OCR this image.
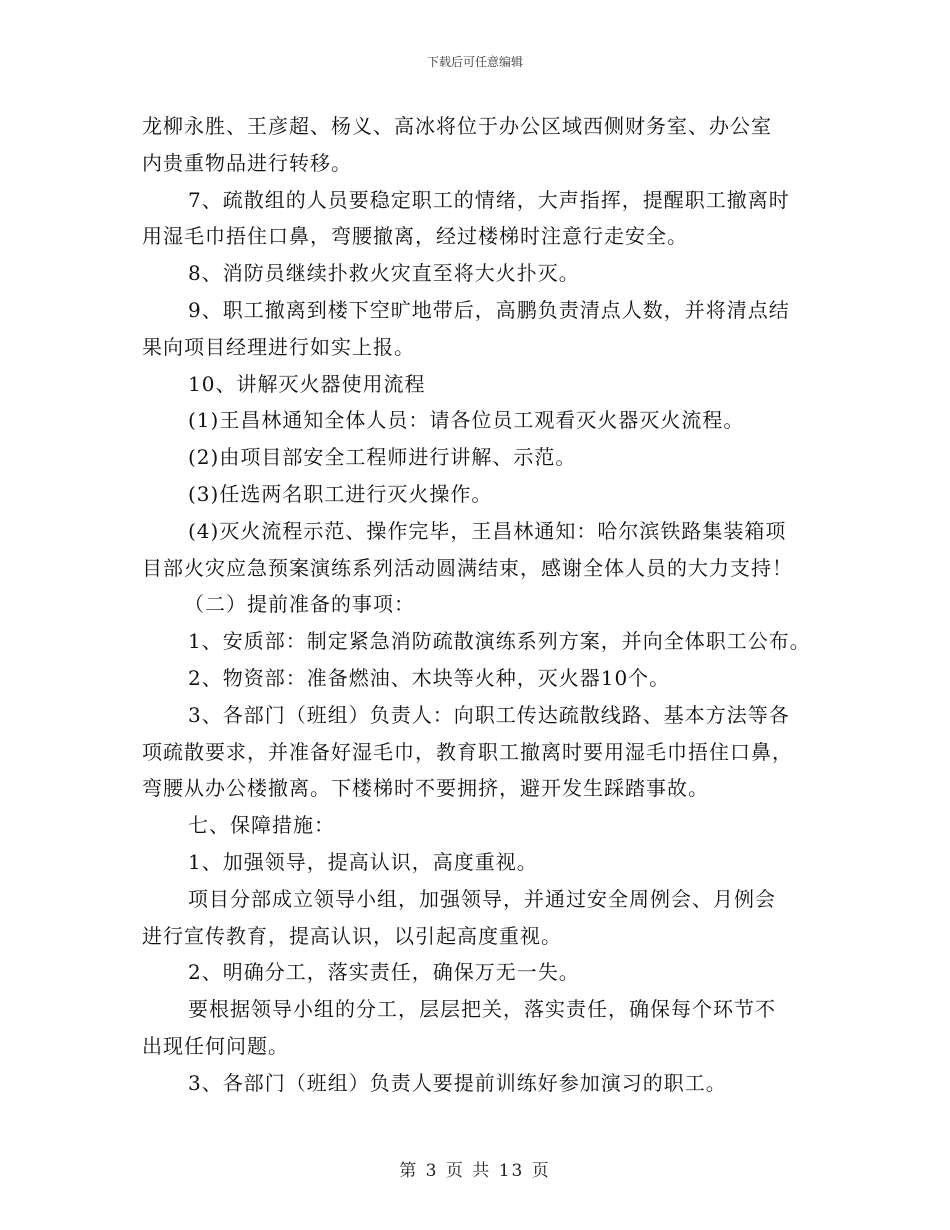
下载后可任意编辑

龙柳永胜、王彦超、杨义、高冰将位于办公区域西侧财务室、办公室

内贵重物品进行转移。

7、疏散组的人员要稳定职工的情绪，大声指挥，提醒职工撤离时

用湿毛巾捂住口鼻，弯腰撤离，经过楼梯时注意行走安全。

8、消防员继续扑救火灾直至将大火扑灭。

9、职工撤离到楼下空旷地带后，高鹏负责清点人数，并将清点结

果向项目经理进行如实上报。

10、讲解灭火器使用流程

(1)王昌林通知全体人员：请各位员工观看灭火器灭火流程。

(2)由项目部安全工程师进行讲解、示范。

(3)任选两名职工进行灭火操作。

(4)灭火流程示范、操作完毕，王昌林通知：哈尔滨铁路集装箱项

目部火灾应急预案演练系列活动圆满结束，感谢全体人员的大力支持！

（二）提前准备的事项：

1、安质部：制定紧急消防疏散演练系列方案，并向全体职工公布。

2、物资部：准备燃油、木块等火种，灭火器10个。

3、各部门（班组）负责人：向职工传达疏散线路、基本方法等各

项疏散要求，并准备好湿毛巾，教育职工撤离时要用湿毛巾捂住口鼻，

弯腰从办公楼撤离。下楼梯时不要拥挤，避开发生踩踏事故。

七、保障措施：

1、加强领导，提高认识，高度重视。

项目分部成立领导小组，加强领导，并通过安全周例会、月例会

进行宣传教育，提高认识，以引起高度重视。

2、明确分工，落实责任，确保万无一失。

要根据领导小组的分工，层层把关，落实责任，确保每个环节不

出现任何问题。

3、各部门（班组）负责人要提前训练好参加演习的职工。

第 3 页 共 13 页
